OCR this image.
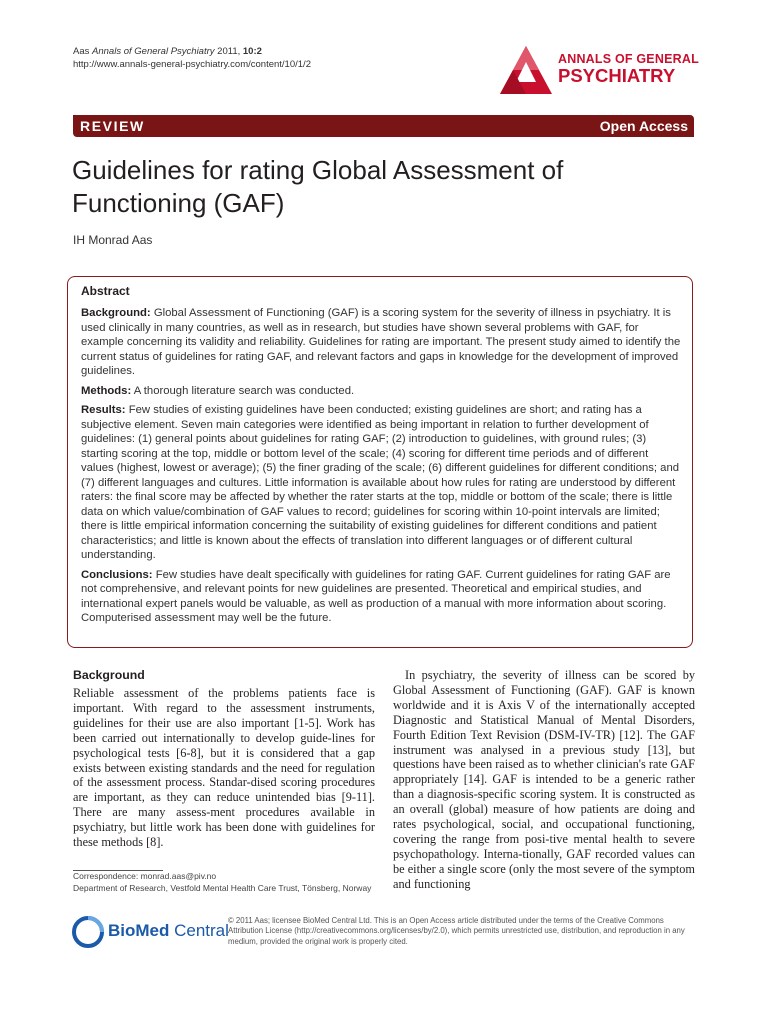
Aas Annals of General Psychiatry 2011, 10:2
http://www.annals-general-psychiatry.com/content/10/1/2	ANNALS OF GENERAL
PSYCHIATRY
REVIEW	Open Access
Guidelines for rating Global Assessment of Functioning (GAF)
IH Monrad Aas
Abstract

Background: Global Assessment of Functioning (GAF) is a scoring system for the severity of illness in psychiatry. It is used clinically in many countries, as well as in research, but studies have shown several problems with GAF, for example concerning its validity and reliability. Guidelines for rating are important. The present study aimed to identify the current status of guidelines for rating GAF, and relevant factors and gaps in knowledge for the development of improved guidelines.

Methods: A thorough literature search was conducted.

Results: Few studies of existing guidelines have been conducted; existing guidelines are short; and rating has a subjective element. Seven main categories were identified as being important in relation to further development of guidelines: (1) general points about guidelines for rating GAF; (2) introduction to guidelines, with ground rules; (3) starting scoring at the top, middle or bottom level of the scale; (4) scoring for different time periods and of different values (highest, lowest or average); (5) the finer grading of the scale; (6) different guidelines for different conditions; and (7) different languages and cultures. Little information is available about how rules for rating are understood by different raters: the final score may be affected by whether the rater starts at the top, middle or bottom of the scale; there is little data on which value/combination of GAF values to record; guidelines for scoring within 10-point intervals are limited; there is little empirical information concerning the suitability of existing guidelines for different conditions and patient characteristics; and little is known about the effects of translation into different languages or of different cultural understanding.

Conclusions: Few studies have dealt specifically with guidelines for rating GAF. Current guidelines for rating GAF are not comprehensive, and relevant points for new guidelines are presented. Theoretical and empirical studies, and international expert panels would be valuable, as well as production of a manual with more information about scoring. Computerised assessment may well be the future.

Background
Reliable assessment of the problems patients face is important. With regard to the assessment instruments, guidelines for their use are also important [1-5]. Work has been carried out internationally to develop guide-lines for psychological tests [6-8], but it is considered that a gap exists between existing standards and the need for regulation of the assessment process. Standar-dised scoring procedures are important, as they can reduce unintended bias [9-11]. There are many assess-ment procedures available in psychiatry, but little work has been done with guidelines for these methods [8].
In psychiatry, the severity of illness can be scored by Global Assessment of Functioning (GAF). GAF is known worldwide and it is Axis V of the internationally accepted Diagnostic and Statistical Manual of Mental Disorders, Fourth Edition Text Revision (DSM-IV-TR) [12]. The GAF instrument was analysed in a previous study [13], but questions have been raised as to whether clinician's rate GAF appropriately [14]. GAF is intended to be a generic rather than a diagnosis-specific scoring system. It is constructed as an overall (global) measure of how patients are doing and rates psychological, social, and occupational functioning, covering the range from posi-tive mental health to severe psychopathology. Interna-tionally, GAF recorded values can be either a single score (only the most severe of the symptom and functioning
Correspondence: monrad.aas@piv.no
Department of Research, Vestfold Mental Health Care Trust, Tönsberg, Norway
BioMed Central
© 2011 Aas; licensee BioMed Central Ltd. This is an Open Access article distributed under the terms of the Creative Commons Attribution License (http://creativecommons.org/licenses/by/2.0), which permits unrestricted use, distribution, and reproduction in any medium, provided the original work is properly cited.
